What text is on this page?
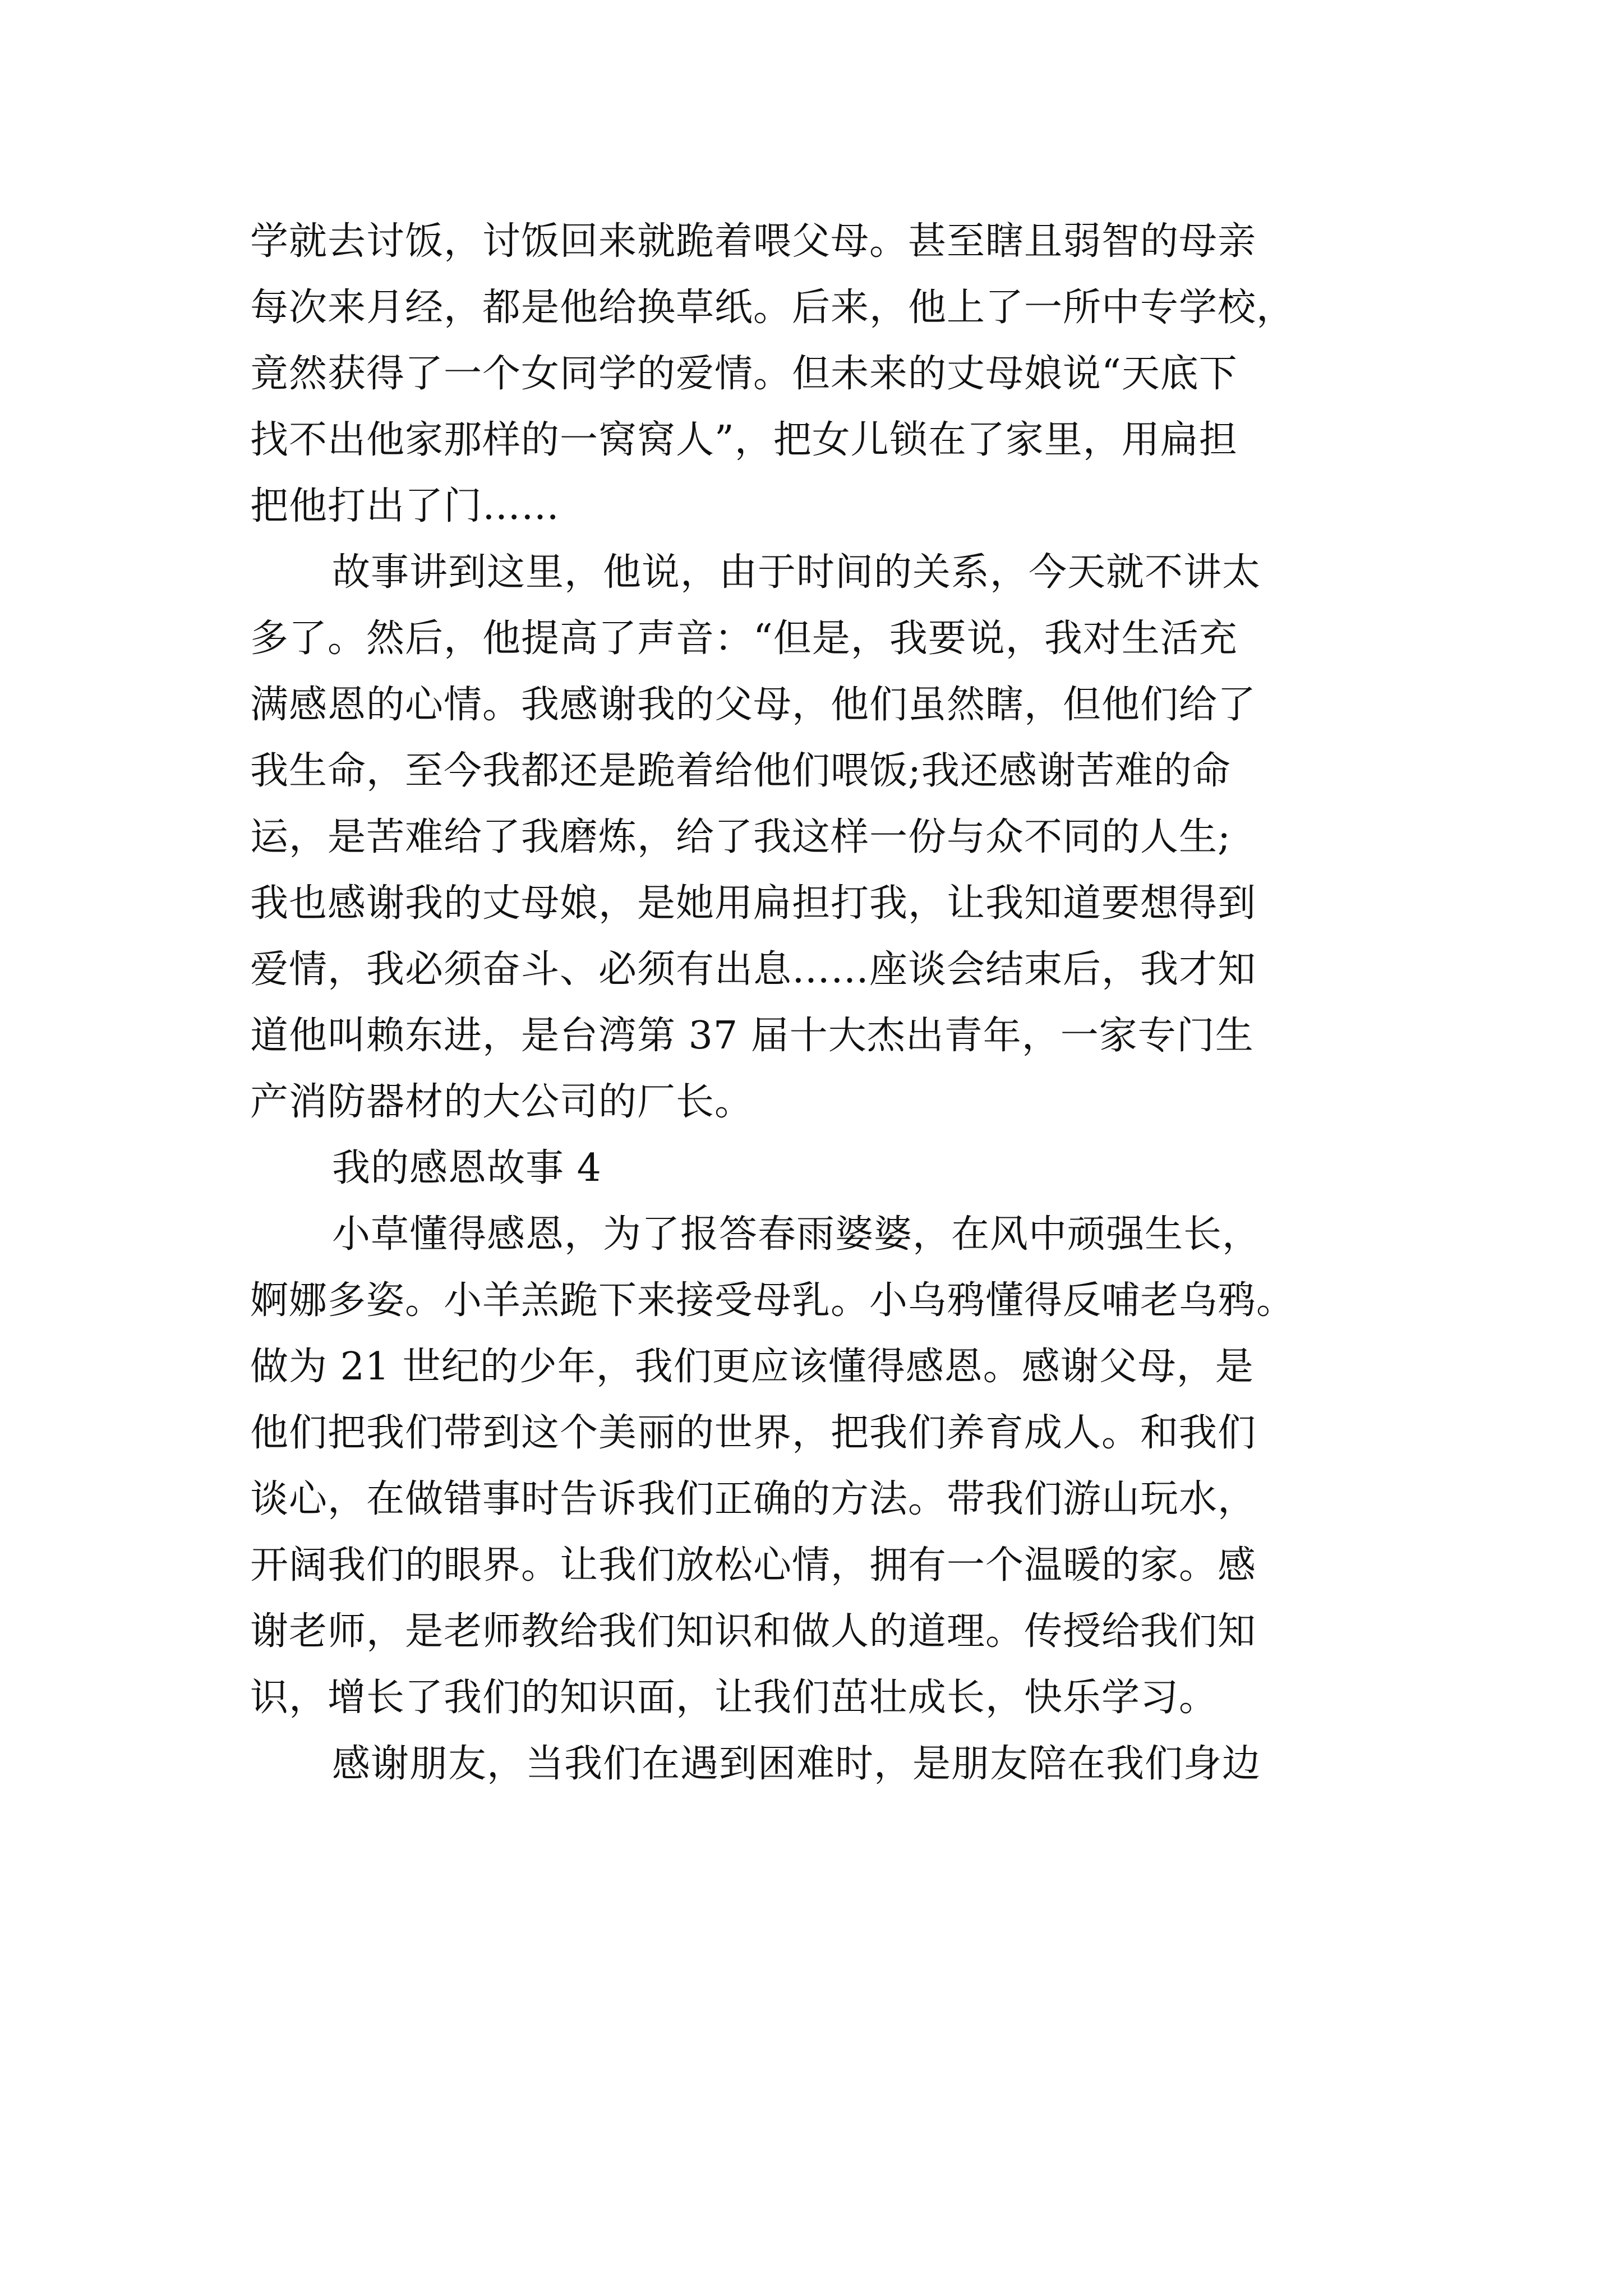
学就去讨饭，讨饭回来就跪着喂父母。甚至瞎且弱智的母亲
每次来月经，都是他给换草纸。后来，他上了一所中专学校，
竟然获得了一个女同学的爱情。但未来的丈母娘说“天底下
找不出他家那样的一窝窝人”，把女儿锁在了家里，用扁担
把他打出了门……
故事讲到这里，他说，由于时间的关系，今天就不讲太
多了。然后，他提高了声音：“但是，我要说，我对生活充
满感恩的心情。我感谢我的父母，他们虽然瞎，但他们给了
我生命，至今我都还是跪着给他们喂饭;我还感谢苦难的命
运，是苦难给了我磨炼，给了我这样一份与众不同的人生;
我也感谢我的丈母娘，是她用扁担打我，让我知道要想得到
爱情，我必须奋斗、必须有出息……座谈会结束后，我才知
道他叫赖东进，是台湾第 37 届十大杰出青年，一家专门生
产消防器材的大公司的厂长。
我的感恩故事 4
小草懂得感恩，为了报答春雨婆婆，在风中顽强生长，
婀娜多姿。小羊羔跪下来接受母乳。小乌鸦懂得反哺老乌鸦。
做为 21 世纪的少年，我们更应该懂得感恩。感谢父母，是
他们把我们带到这个美丽的世界，把我们养育成人。和我们
谈心，在做错事时告诉我们正确的方法。带我们游山玩水，
开阔我们的眼界。让我们放松心情，拥有一个温暖的家。感
谢老师，是老师教给我们知识和做人的道理。传授给我们知
识，增长了我们的知识面，让我们茁壮成长，快乐学习。
感谢朋友，当我们在遇到困难时，是朋友陪在我们身边
